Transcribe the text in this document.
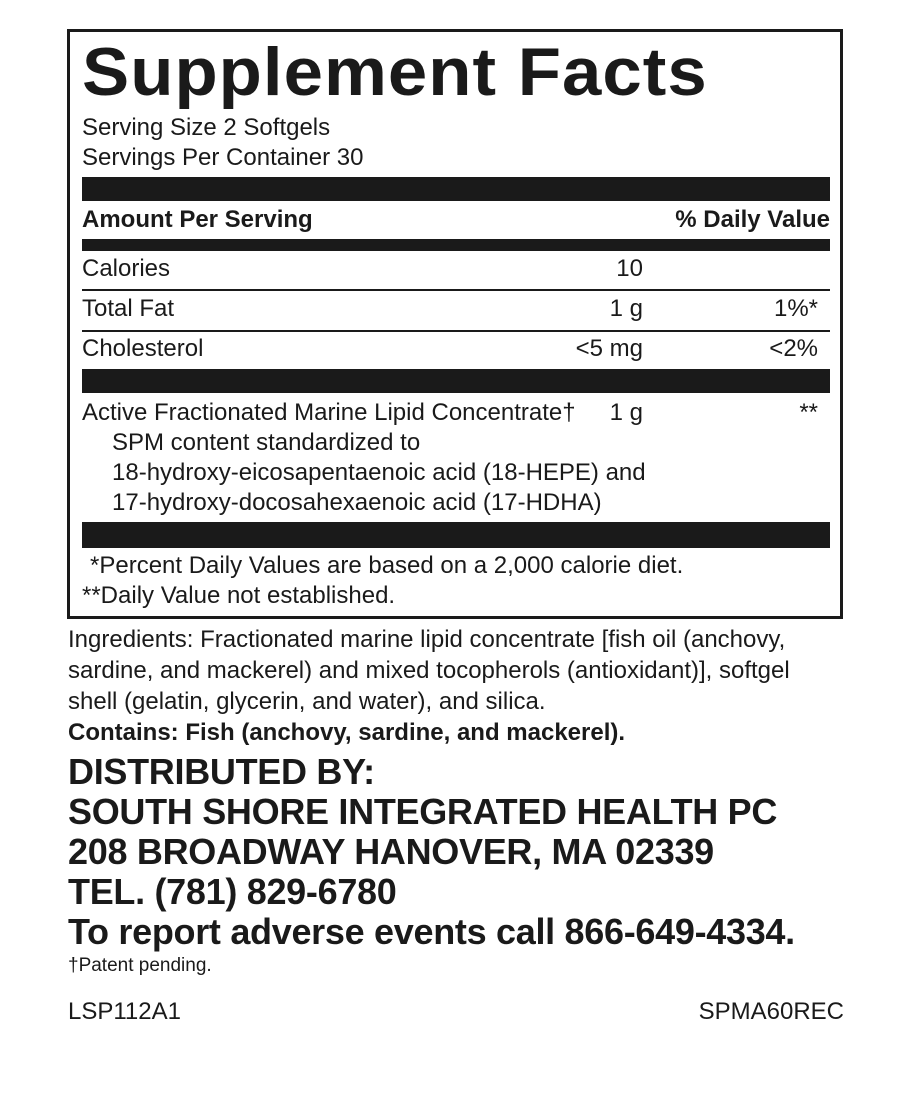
Supplement Facts
Serving Size 2 Softgels
Servings Per Container 30
Amount Per Serving	% Daily Value
Calories	10
Total Fat	1 g	1%*
Cholesterol	<5 mg	<2%
Active Fractionated Marine Lipid Concentrate† 1 g	**
SPM content standardized to
18-hydroxy-eicosapentaenoic acid (18-HEPE) and
17-hydroxy-docosahexaenoic acid (17-HDHA)
*Percent Daily Values are based on a 2,000 calorie diet.
**Daily Value not established.
Ingredients: Fractionated marine lipid concentrate [fish oil (anchovy,
sardine, and mackerel) and mixed tocopherols (antioxidant)], softgel
shell (gelatin, glycerin, and water), and silica.
Contains: Fish (anchovy, sardine, and mackerel).
DISTRIBUTED BY:
SOUTH SHORE INTEGRATED HEALTH PC
208 BROADWAY HANOVER, MA 02339
TEL. (781) 829-6780
To report adverse events call 866-649-4334.
†Patent pending.
LSP112A1	SPMA60REC
